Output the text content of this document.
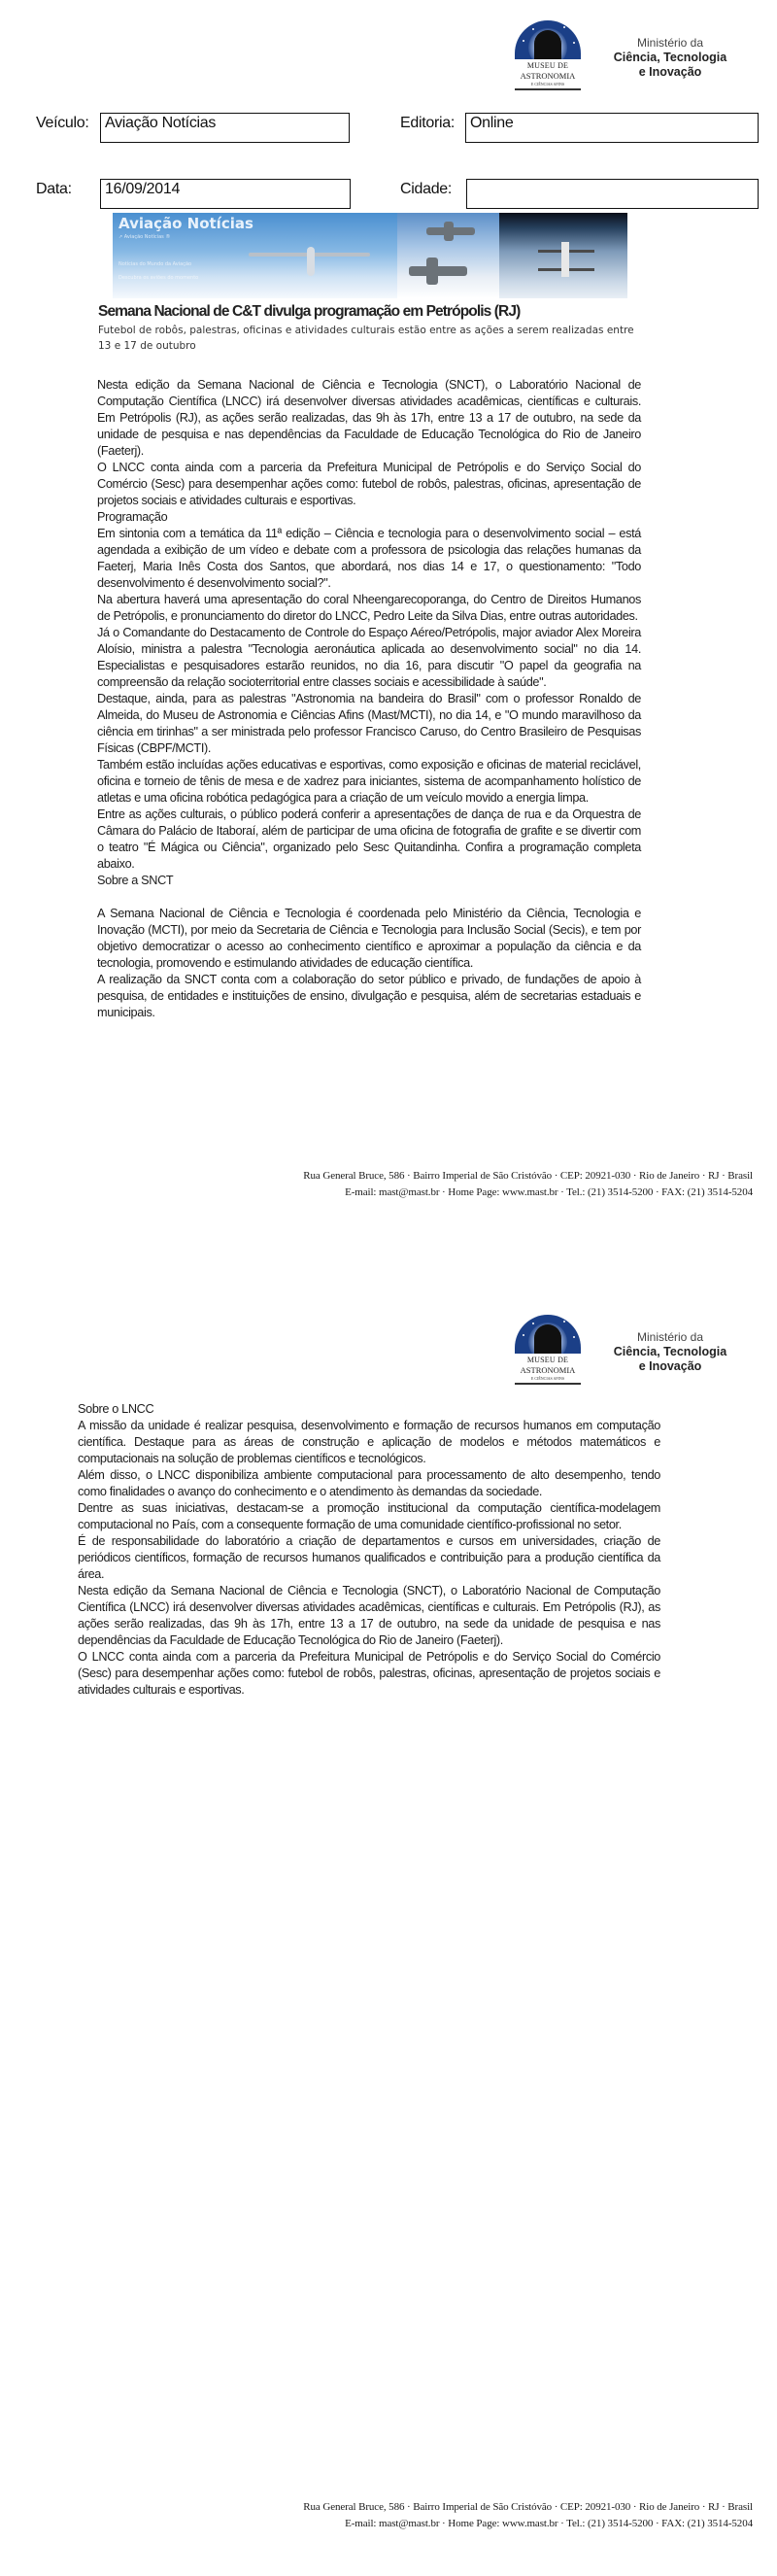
MUSEU DE
ASTRONOMIA
E CIÊNCIAS AFINS
Ministério da
Ciência, Tecnologia
e Inovação
Veículo:	Aviação Notícias	Editoria:	Online
Data:	16/09/2014	Cidade:
Aviação Notícias
↗ Aviação Notícias ®
Notícias do Mundo da Aviação
Descubra os aviões do momento
Semana Nacional de C&T divulga programação em Petrópolis (RJ)
Futebol de robôs, palestras, oficinas e atividades culturais estão entre as ações a serem realizadas entre 13 e 17 de outubro

Nesta edição da Semana Nacional de Ciência e Tecnologia (SNCT), o Laboratório Nacional de Computação Científica (LNCC) irá desenvolver diversas atividades acadêmicas, científicas e culturais. Em Petrópolis (RJ), as ações serão realizadas, das 9h às 17h, entre 13 a 17 de outubro, na sede da unidade de pesquisa e nas dependências da Faculdade de Educação Tecnológica do Rio de Janeiro (Faeterj).

O LNCC conta ainda com a parceria da Prefeitura Municipal de Petrópolis e do Serviço Social do Comércio (Sesc) para desempenhar ações como: futebol de robôs, palestras, oficinas, apresentação de projetos sociais e atividades culturais e esportivas.

Programação

Em sintonia com a temática da 11ª edição – Ciência e tecnologia para o desenvolvimento social – está agendada a exibição de um vídeo e debate com a professora de psicologia das relações humanas da Faeterj, Maria Inês Costa dos Santos, que abordará, nos dias 14 e 17, o questionamento: "Todo desenvolvimento é desenvolvimento social?".

Na abertura haverá uma apresentação do coral Nheengarecoporanga, do Centro de Direitos Humanos de Petrópolis, e pronunciamento do diretor do LNCC, Pedro Leite da Silva Dias, entre outras autoridades.

Já o Comandante do Destacamento de Controle do Espaço Aéreo/Petrópolis, major aviador Alex Moreira Aloísio, ministra a palestra "Tecnologia aeronáutica aplicada ao desenvolvimento social" no dia 14. Especialistas e pesquisadores estarão reunidos, no dia 16, para discutir "O papel da geografia na compreensão da relação socioterritorial entre classes sociais e acessibilidade à saúde".

Destaque, ainda, para as palestras "Astronomia na bandeira do Brasil" com o professor Ronaldo de Almeida, do Museu de Astronomia e Ciências Afins (Mast/MCTI), no dia 14, e "O mundo maravilhoso da ciência em tirinhas" a ser ministrada pelo professor Francisco Caruso, do Centro Brasileiro de Pesquisas Físicas (CBPF/MCTI).

Também estão incluídas ações educativas e esportivas, como exposição e oficinas de material reciclável, oficina e torneio de tênis de mesa e de xadrez para iniciantes, sistema de acompanhamento holístico de atletas e uma oficina robótica pedagógica para a criação de um veículo movido a energia limpa.

Entre as ações culturais, o público poderá conferir a apresentações de dança de rua e da Orquestra de Câmara do Palácio de Itaboraí, além de participar de uma oficina de fotografia de grafite e se divertir com o teatro "É Mágica ou Ciência", organizado pelo Sesc Quitandinha. Confira a programação completa abaixo.

Sobre a SNCT

A Semana Nacional de Ciência e Tecnologia é coordenada pelo Ministério da Ciência, Tecnologia e Inovação (MCTI), por meio da Secretaria de Ciência e Tecnologia para Inclusão Social (Secis), e tem por objetivo democratizar o acesso ao conhecimento científico e aproximar a população da ciência e da tecnologia, promovendo e estimulando atividades de educação científica.

A realização da SNCT conta com a colaboração do setor público e privado, de fundações de apoio à pesquisa, de entidades e instituições de ensino, divulgação e pesquisa, além de secretarias estaduais e municipais.

Rua General Bruce, 586 · Bairro Imperial de São Cristóvão · CEP: 20921-030 · Rio de Janeiro · RJ · Brasil
E-mail: mast@mast.br · Home Page: www.mast.br · Tel.: (21) 3514-5200 · FAX: (21) 3514-5204
MUSEU DE
ASTRONOMIA
E CIÊNCIAS AFINS
Ministério da
Ciência, Tecnologia
e Inovação

Sobre o LNCC

A missão da unidade é realizar pesquisa, desenvolvimento e formação de recursos humanos em computação científica. Destaque para as áreas de construção e aplicação de modelos e métodos matemáticos e computacionais na solução de problemas científicos e tecnológicos.

Além disso, o LNCC disponibiliza ambiente computacional para processamento de alto desempenho, tendo como finalidades o avanço do conhecimento e o atendimento às demandas da sociedade.

Dentre as suas iniciativas, destacam-se a promoção institucional da computação científica-modelagem computacional no País, com a consequente formação de uma comunidade científico-profissional no setor.

É de responsabilidade do laboratório a criação de departamentos e cursos em universidades, criação de periódicos científicos, formação de recursos humanos qualificados e contribuição para a produção científica da área.

Nesta edição da Semana Nacional de Ciência e Tecnologia (SNCT), o Laboratório Nacional de Computação Científica (LNCC) irá desenvolver diversas atividades acadêmicas, científicas e culturais. Em Petrópolis (RJ), as ações serão realizadas, das 9h às 17h, entre 13 a 17 de outubro, na sede da unidade de pesquisa e nas dependências da Faculdade de Educação Tecnológica do Rio de Janeiro (Faeterj).

O LNCC conta ainda com a parceria da Prefeitura Municipal de Petrópolis e do Serviço Social do Comércio (Sesc) para desempenhar ações como: futebol de robôs, palestras, oficinas, apresentação de projetos sociais e atividades culturais e esportivas.

Rua General Bruce, 586 · Bairro Imperial de São Cristóvão · CEP: 20921-030 · Rio de Janeiro · RJ · Brasil
E-mail: mast@mast.br · Home Page: www.mast.br · Tel.: (21) 3514-5200 · FAX: (21) 3514-5204
